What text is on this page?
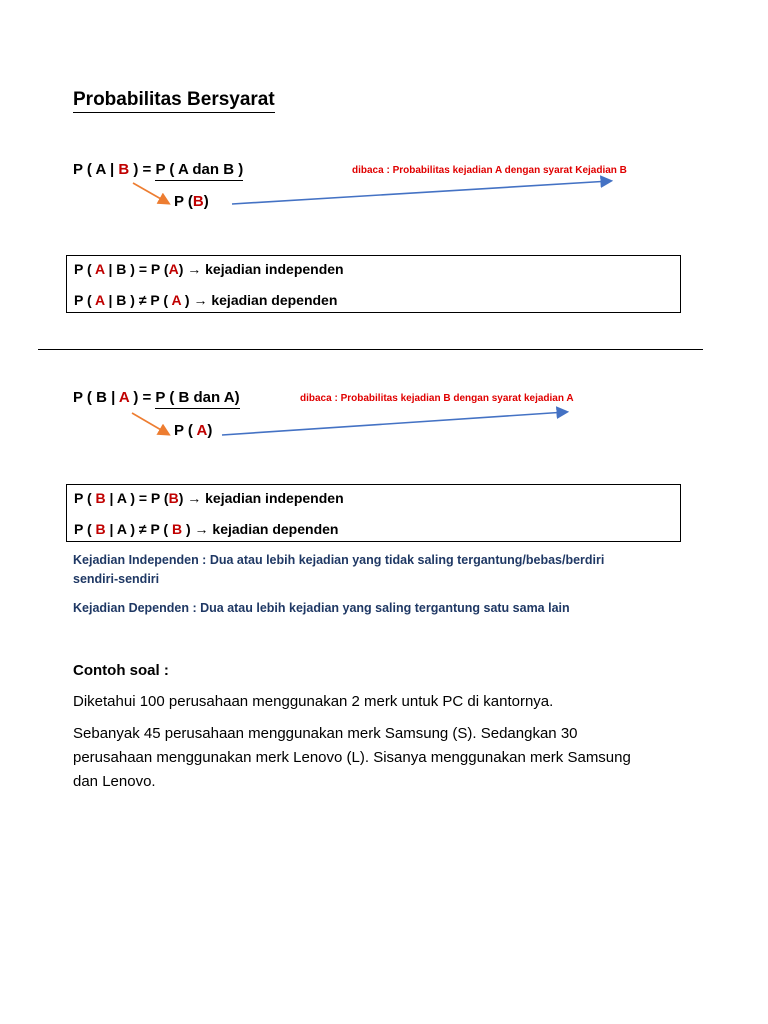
Probabilitas Bersyarat
P ( A | B ) = P ( A dan B )
P (B)
dibaca : Probabilitas kejadian A dengan syarat Kejadian B
P ( A | B ) = P (A) → kejadian independen
P ( A | B ) ≠ P ( A ) → kejadian dependen
P ( B | A ) = P ( B dan A)
P ( A)
dibaca : Probabilitas kejadian B dengan syarat kejadian A
P ( B | A ) = P (B) → kejadian independen
P ( B | A ) ≠ P ( B ) → kejadian dependen
Kejadian Independen : Dua atau lebih kejadian yang tidak saling tergantung/bebas/berdiri
sendiri-sendiri
Kejadian Dependen : Dua atau lebih kejadian yang saling tergantung satu sama lain
Contoh soal :
Diketahui 100 perusahaan menggunakan 2 merk untuk PC di kantornya.
Sebanyak 45 perusahaan menggunakan merk Samsung (S). Sedangkan 30
perusahaan menggunakan merk Lenovo (L). Sisanya menggunakan merk Samsung
dan Lenovo.
